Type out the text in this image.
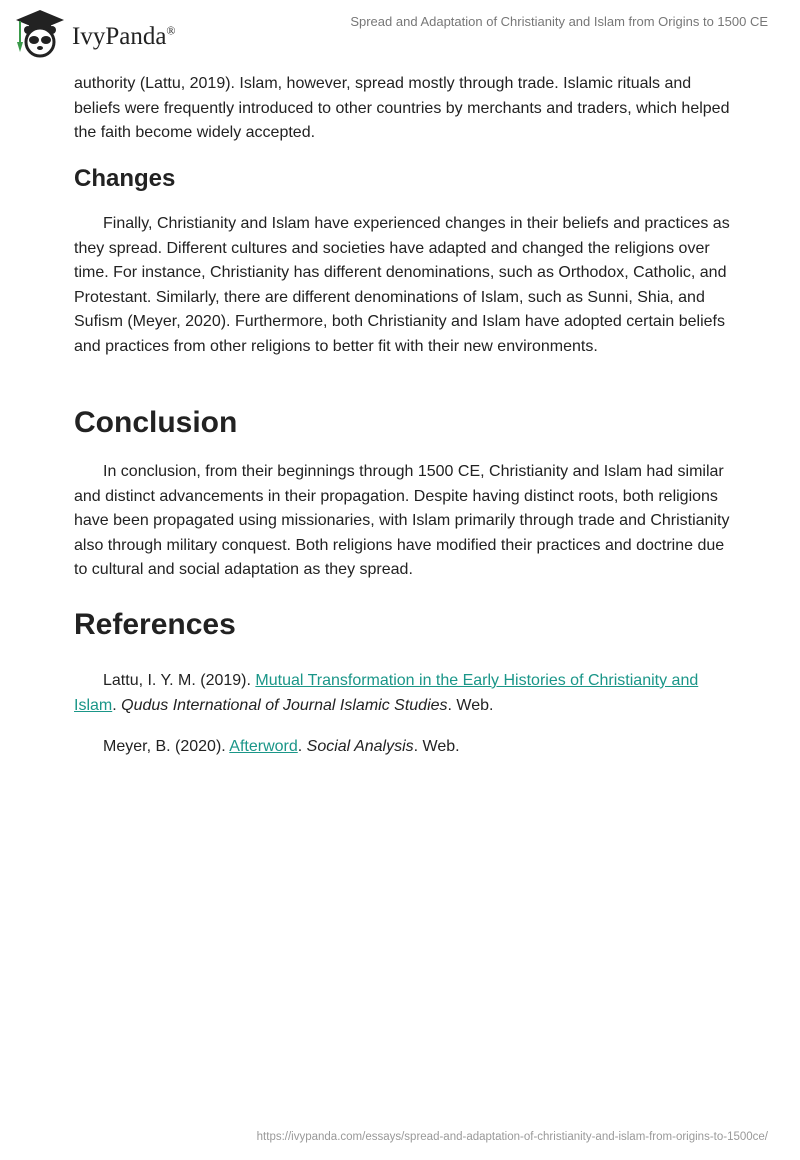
IvyPanda®
Spread and Adaptation of Christianity and Islam from Origins to 1500 CE

authority (Lattu, 2019). Islam, however, spread mostly through trade. Islamic rituals and beliefs were frequently introduced to other countries by merchants and traders, which helped the faith become widely accepted.

Changes

Finally, Christianity and Islam have experienced changes in their beliefs and practices as they spread. Different cultures and societies have adapted and changed the religions over time. For instance, Christianity has different denominations, such as Orthodox, Catholic, and Protestant. Similarly, there are different denominations of Islam, such as Sunni, Shia, and Sufism (Meyer, 2020). Furthermore, both Christianity and Islam have adopted certain beliefs and practices from other religions to better fit with their new environments.

Conclusion

In conclusion, from their beginnings through 1500 CE, Christianity and Islam had similar and distinct advancements in their propagation. Despite having distinct roots, both religions have been propagated using missionaries, with Islam primarily through trade and Christianity also through military conquest. Both religions have modified their practices and doctrine due to cultural and social adaptation as they spread.

References

Lattu, I. Y. M. (2019). Mutual Transformation in the Early Histories of Christianity and Islam. Qudus International of Journal Islamic Studies. Web.

Meyer, B. (2020). Afterword. Social Analysis. Web.

https://ivypanda.com/essays/spread-and-adaptation-of-christianity-and-islam-from-origins-to-1500ce/
